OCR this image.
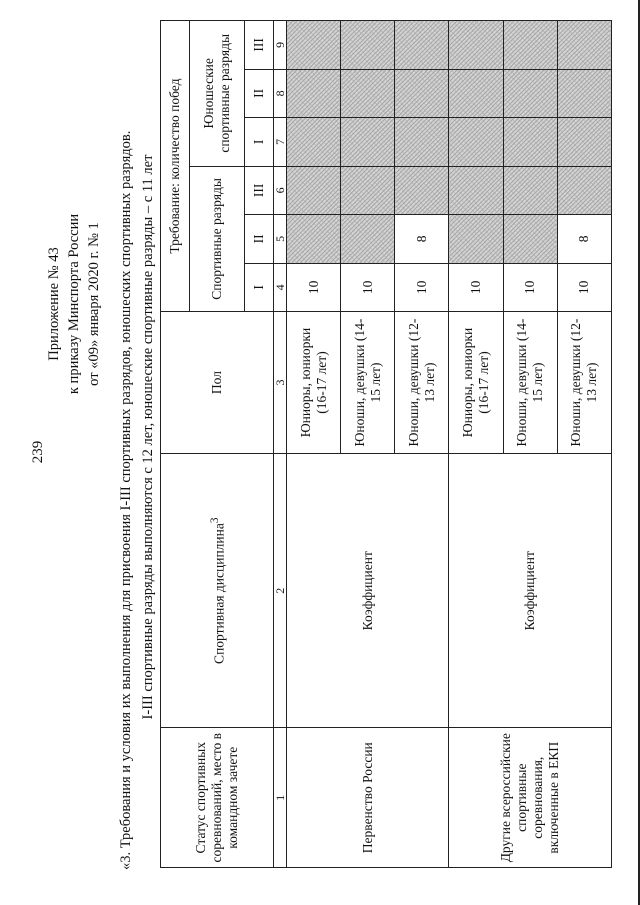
239
Приложение № 43 к приказу Минспорта России от «09» января 2020 г. № 1 «3. Требования и условия их выполнения для присвоения I-III спортивных разрядов, юношеских спортивных разрядов. I-III спортивные разряды выполняются с 12 лет, юношеские спортивные разряды – с 11 лет
Статус спортивных соревнований, место в командном зачете	Спортивная дисциплина$^3$	Пол	Требование: количество побед					
			Спортивные разряды			Юношеские спортивные разряды		
			I	II	III	I	II	III
1	2	3	4	5	6	7	8	9
Первенство России	Коэффициент	Юниоры, юниорки (16-17 лет)	10					
		Юноши, девушки (14-15 лет)	10					
		Юноши, девушки (12-13 лет)	10	8				
Другие всероссийские спортивные соревнования, включенные в ЕКП	Коэффициент	Юниоры, юниорки (16-17 лет)	10					
		Юноши, девушки (14-15 лет)	10					
		Юноши, девушки (12-13 лет)	10	8				
